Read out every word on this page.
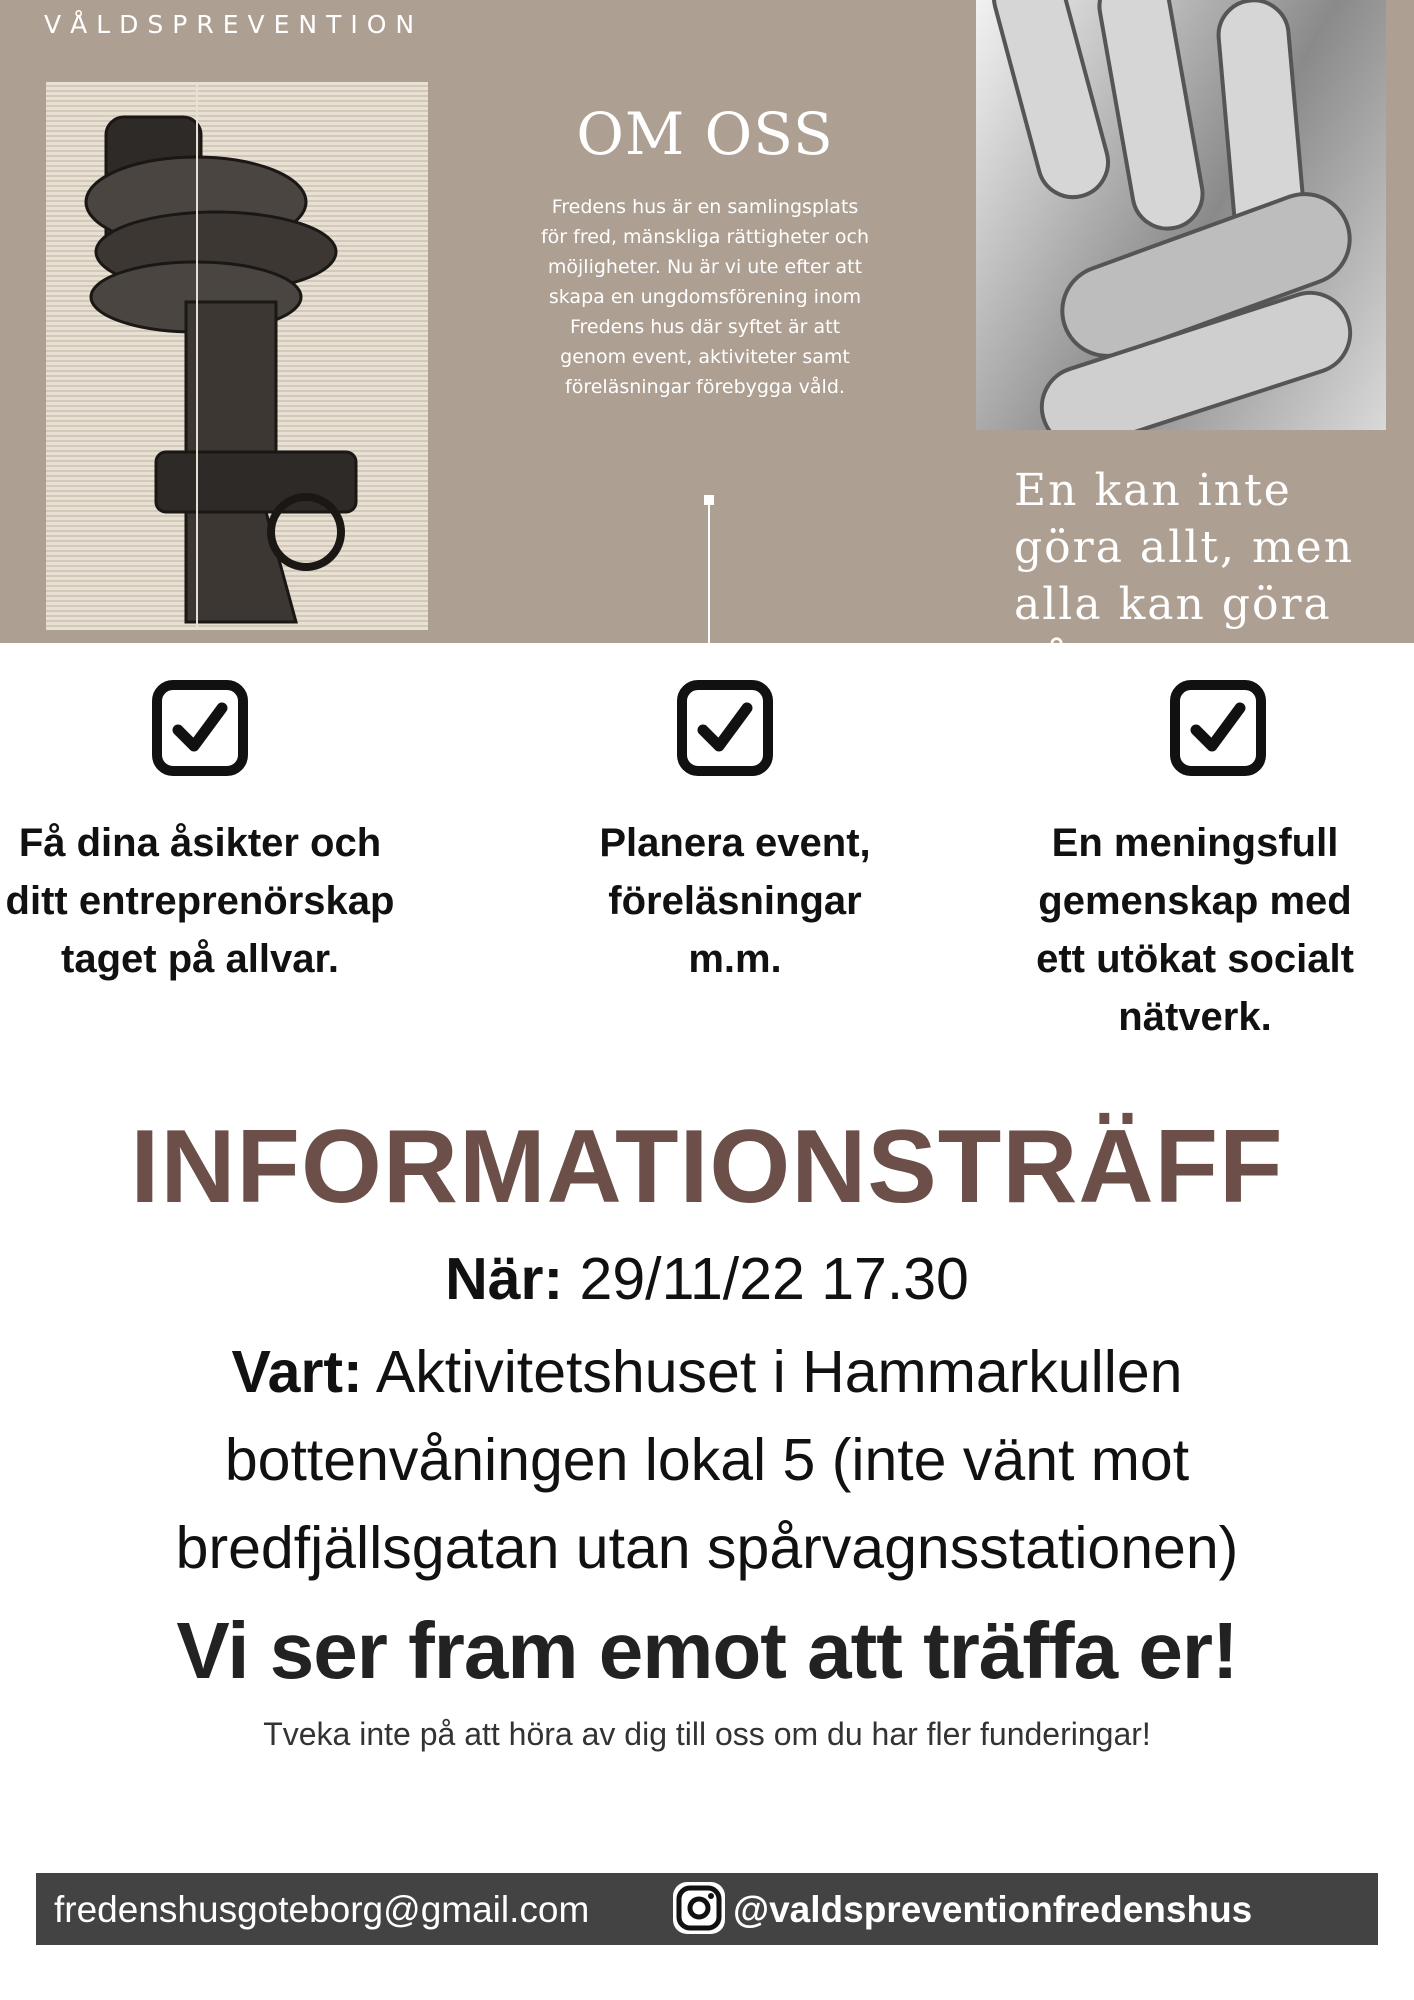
VÅLDSPREVENTION
OM OSS
Fredens hus är en samlingsplats för fred, mänskliga rättigheter och möjligheter. Nu är vi ute efter att skapa en ungdomsförening inom Fredens hus där syftet är att genom event, aktiviteter samt föreläsningar förebygga våld.
En kan inte göra allt, men alla kan göra något!
Få dina åsikter och ditt entreprenörskap taget på allvar.
Planera event, föreläsningar m.m.
En meningsfull gemenskap med ett utökat socialt nätverk.
INFORMATIONSTRÄFF
När: 29/11/22 17.30
Vart: Aktivitetshuset i Hammarkullen
bottenvåningen lokal 5 (inte vänt mot
bredfjällsgatan utan spårvagnsstationen)
Vi ser fram emot att träffa er!
Tveka inte på att höra av dig till oss om du har fler funderingar!
fredenshusgoteborg@gmail.com	@valdspreventionfredenshus
